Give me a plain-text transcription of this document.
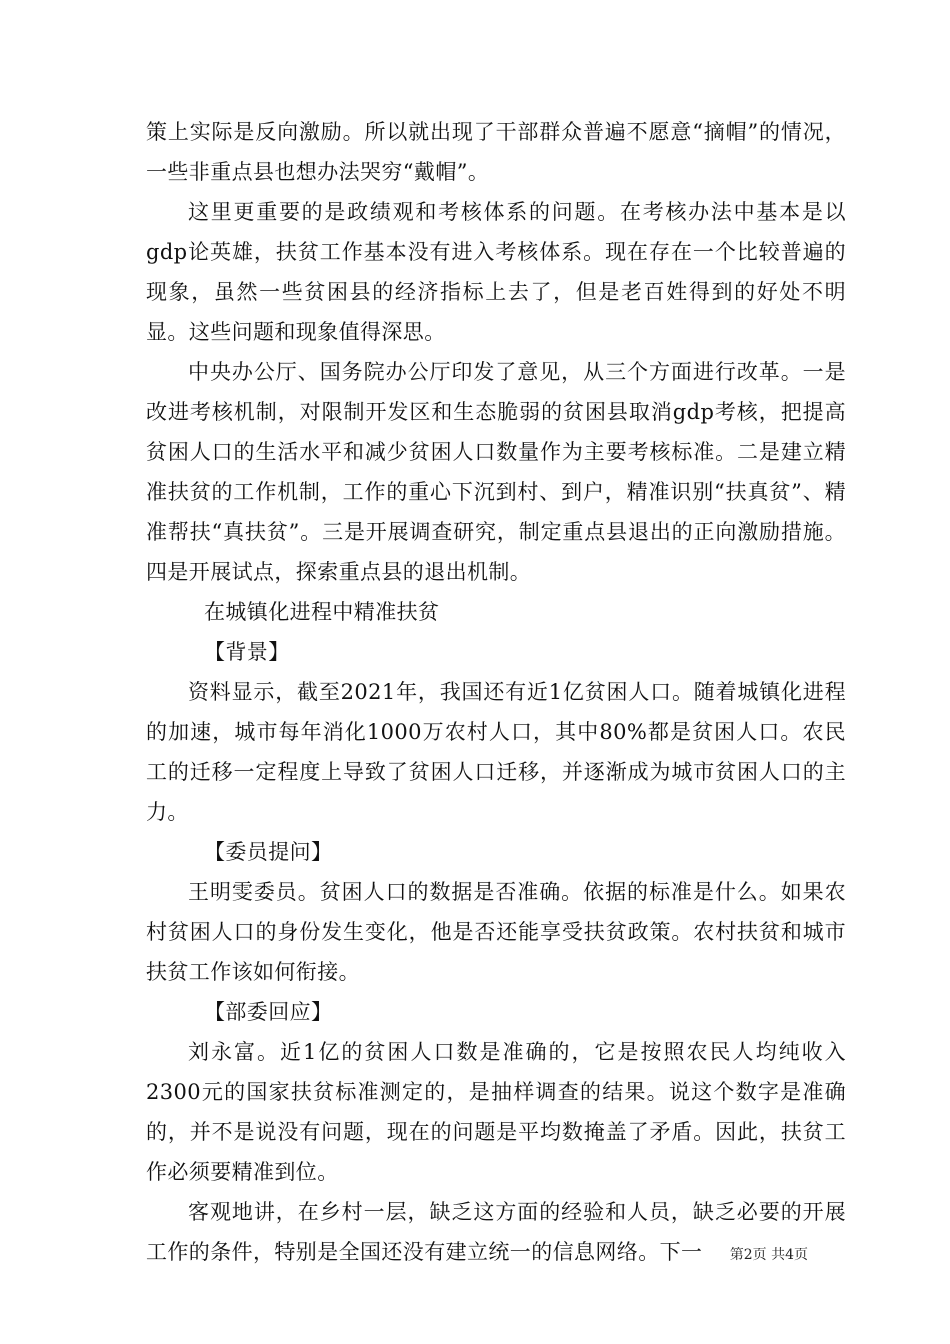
策上实际是反向激励。所以就出现了干部群众普遍不愿意“摘帽”的情况，一些非重点县也想办法哭穷“戴帽”。

这里更重要的是政绩观和考核体系的问题。在考核办法中基本是以gdp论英雄，扶贫工作基本没有进入考核体系。现在存在一个比较普遍的现象，虽然一些贫困县的经济指标上去了，但是老百姓得到的好处不明显。这些问题和现象值得深思。

中央办公厅、国务院办公厅印发了意见，从三个方面进行改革。一是改进考核机制，对限制开发区和生态脆弱的贫困县取消gdp考核，把提高贫困人口的生活水平和减少贫困人口数量作为主要考核标准。二是建立精准扶贫的工作机制，工作的重心下沉到村、到户，精准识别“扶真贫”、精准帮扶“真扶贫”。三是开展调查研究，制定重点县退出的正向激励措施。四是开展试点，探索重点县的退出机制。

在城镇化进程中精准扶贫

【背景】

资料显示，截至2021年，我国还有近1亿贫困人口。随着城镇化进程的加速，城市每年消化1000万农村人口，其中80%都是贫困人口。农民工的迁移一定程度上导致了贫困人口迁移，并逐渐成为城市贫困人口的主力。

【委员提问】

王明雯委员。贫困人口的数据是否准确。依据的标准是什么。如果农村贫困人口的身份发生变化，他是否还能享受扶贫政策。农村扶贫和城市扶贫工作该如何衔接。

【部委回应】

刘永富。近1亿的贫困人口数是准确的，它是按照农民人均纯收入2300元的国家扶贫标准测定的，是抽样调查的结果。说这个数字是准确的，并不是说没有问题，现在的问题是平均数掩盖了矛盾。因此，扶贫工作必须要精准到位。

客观地讲，在乡村一层，缺乏这方面的经验和人员，缺乏必要的开展工作的条件，特别是全国还没有建立统一的信息网络。下一	第2页 共4页
